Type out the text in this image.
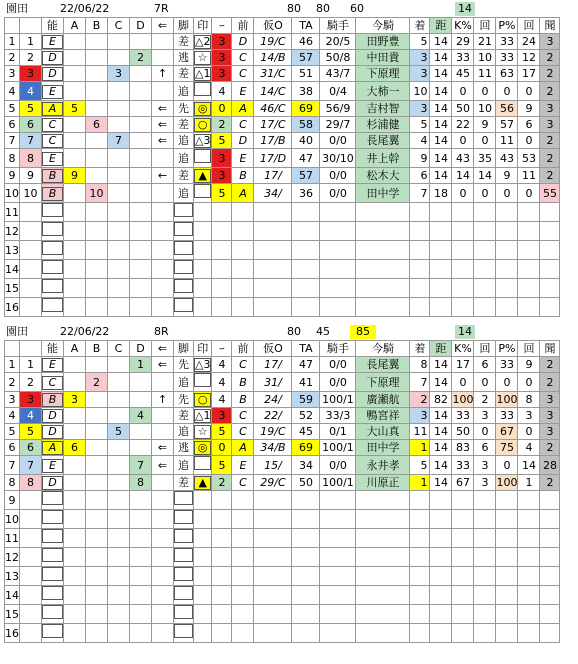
園田	22/06/22	7R	80 80 60	14
		能	A	B	C	D	⇐	脚	印	ｰ	前	仮O	TA	騎手	今騎	着	距	K%	回	P%	回	聞
1	1	E						差	△2	3	D	19/C	46	20/5	田野豊	5	14	29	21	33	24	3
2	2	D				2		逃	☆	3	C	14/B	57	50/8	中田貴	3	14	33	10	33	12	2
3	3	D			3		↑	差	△1	3	C	31/C	51	43/7	下原理	3	14	45	11	63	17	2
4	4	E						追		4	E	14/C	38	0/4	大柿一	10	14	0	0	0	0	2
5	5	A	5				⇐	先	◎	0	A	46/C	69	56/9	吉村智	3	14	50	10	56	9	3
6	6	C		6			⇐	差	○	2	C	17/C	58	29/7	杉浦健	5	14	22	9	57	6	3
7	7	C			7		⇐	追	△3	5	D	17/B	40	0/0	長尾翼	4	14	0	0	11	0	2
8	8	E						追		3	E	17/D	47	30/10	井上幹	9	14	43	35	43	53	2
9	9	B	9				←	差	▲	3	B	17/	57	0/0	松木大	6	14	14	14	9	11	2
10	10	B		10				追		5	A	34/	36	0/0	田中学	7	18	0	0	0	0	55
11																						
12																						
13																						
14																						
15																						
16																						
園田	22/06/22	8R	80 45	85	14
		能	A	B	C	D	⇐	脚	印	ｰ	前	仮O	TA	騎手	今騎	着	距	K%	回	P%	回	聞
1	1	E				1	⇐	先	△3	4	C	17/	47	0/0	長尾翼	8	14	17	6	33	9	2
2	2	C		2				追		4	B	31/	41	0/0	下原理	7	14	0	0	0	0	2
3	3	B	3				↑	先	○	4	B	24/	59	100/1	廣瀬航	2	82	100	2	100	8	3
4	4	D				4		差	△1	3	C	22/	52	33/3	鴨宮祥	3	14	33	3	33	3	3
5	5	D			5			追	☆	5	C	19/C	45	0/1	大山真	11	14	50	0	67	0	3
6	6	A	6				⇐	逃	◎	0	A	34/B	69	100/1	田中学	1	14	83	6	75	4	2
7	7	E				7	⇐	追		5	E	15/	34	0/0	永井孝	5	14	33	3	0	14	28
8	8	D				8		差	▲	2	C	29/C	50	100/1	川原正	1	14	67	3	100	1	2
9																						
10																						
11																						
12																						
13																						
14																						
15																						
16																						
